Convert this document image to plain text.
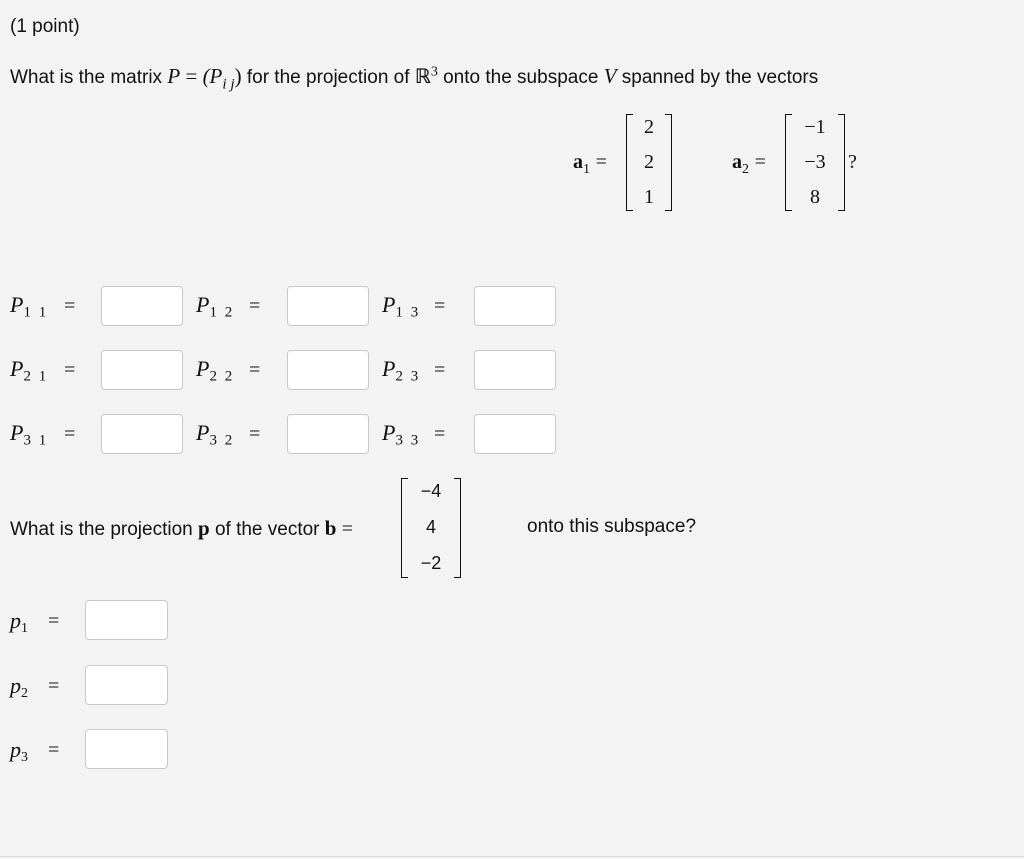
(1 point)
What is the matrix $P = (P_{i j})$ for the projection of ℝ$^3$ onto the subspace V spanned by the vectors
$a_1$ =
2
2
1
$a_2$ =
−1
−3
8
?
$P_{1 1}$ =	$P_{1 2}$ =	$P_{1 3}$ =
$P_{2 1}$ =	$P_{2 2}$ =	$P_{2 3}$ =
$P_{3 1}$ =	$P_{3 2}$ =	$P_{3 3}$ =
What is the projection p of the vector b =
−4
4
−2
onto this subspace?
p1 =
p2 =
p3 =
